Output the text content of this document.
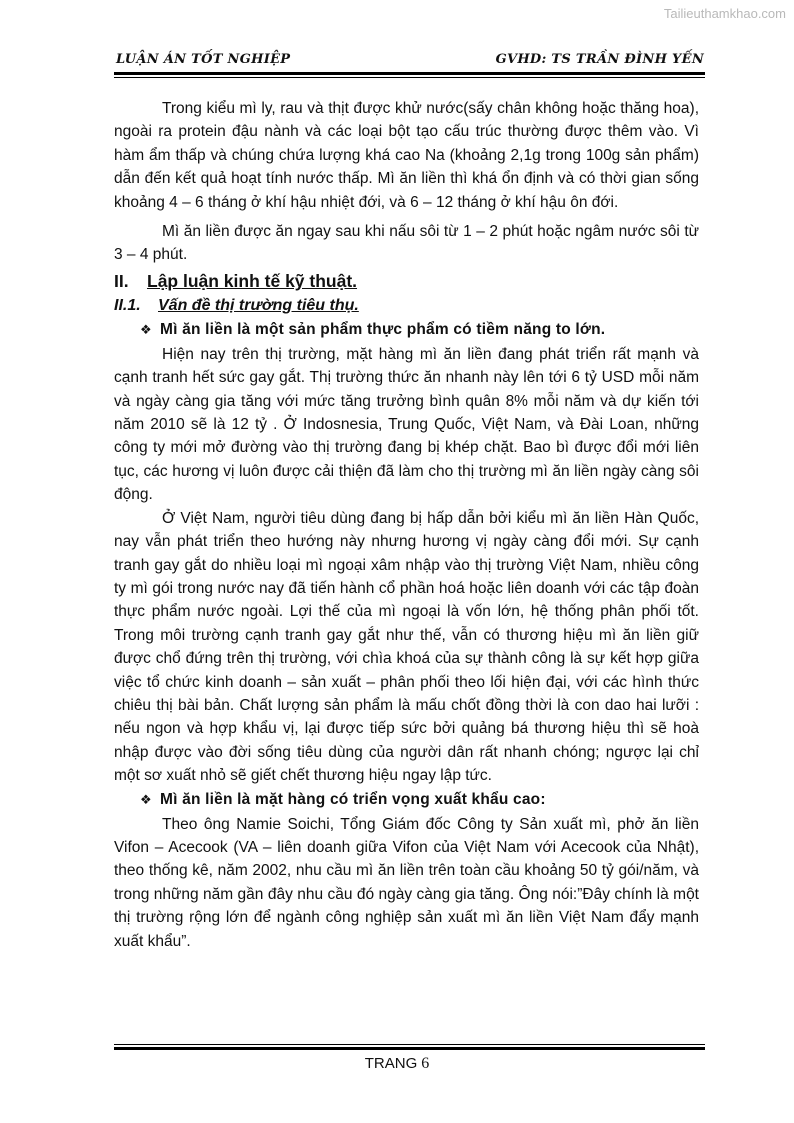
Tailieuthamkhao.com
LUẬN ÁN TỐT NGHIỆP	GVHD: TS TRẦN ĐÌNH YẾN

Trong kiểu mì ly, rau và thịt được khử nước(sấy chân không hoặc thăng hoa), ngoài ra protein đậu nành và các loại bột tạo cấu trúc thường được thêm vào. Vì hàm ẩm thấp và chúng chứa lượng khá cao Na (khoảng 2,1g trong 100g sản phẩm) dẫn đến kết quả hoạt tính nước thấp. Mì ăn liền thì khá ổn định và có thời gian sống khoảng 4 – 6 tháng ở khí hậu nhiệt đới, và 6 – 12 tháng ở khí hậu ôn đới.

Mì ăn liền được ăn ngay sau khi nấu sôi từ 1 – 2 phút hoặc ngâm nước sôi từ 3 – 4 phút.

II. Lập luận kinh tế kỹ thuật.
II.1. Vấn đề thị trường tiêu thụ.
❖ Mì ăn liền là một sản phẩm thực phẩm có tiềm năng to lớn.

Hiện nay trên thị trường, mặt hàng mì ăn liền đang phát triển rất mạnh và cạnh tranh hết sức gay gắt. Thị trường thức ăn nhanh này lên tới 6 tỷ USD mỗi năm và ngày càng gia tăng với mức tăng trưởng bình quân 8% mỗi năm và dự kiến tới năm 2010 sẽ là 12 tỷ . Ở Indosnesia, Trung Quốc, Việt Nam, và Đài Loan, những công ty mới mở đường vào thị trường đang bị khép chặt. Bao bì được đổi mới liên tục, các hương vị luôn được cải thiện đã làm cho thị trường mì ăn liền ngày càng sôi động.

Ở Việt Nam, người tiêu dùng đang bị hấp dẫn bởi kiểu mì ăn liền Hàn Quốc, nay vẫn phát triển theo hướng này nhưng hương vị ngày càng đổi mới. Sự cạnh tranh gay gắt do nhiều loại mì ngoại xâm nhập vào thị trường Việt Nam, nhiều công ty mì gói trong nước nay đã tiến hành cổ phần hoá hoặc liên doanh với các tập đoàn thực phẩm nước ngoài. Lợi thế của mì ngoại là vốn lớn, hệ thống phân phối tốt. Trong môi trường cạnh tranh gay gắt như thế, vẫn có thương hiệu mì ăn liền giữ được chổ đứng trên thị trường, với chìa khoá của sự thành công là sự kết hợp giữa việc tổ chức kinh doanh – sản xuất – phân phối theo lối hiện đại, với các hình thức chiêu thị bài bản. Chất lượng sản phẩm là mấu chốt đồng thời là con dao hai lưỡi : nếu ngon và hợp khẩu vị, lại được tiếp sức bởi quảng bá thương hiệu thì sẽ hoà nhập được vào đời sống tiêu dùng của người dân rất nhanh chóng; ngược lại chỉ một sơ xuất nhỏ sẽ giết chết thương hiệu ngay lập tức.

❖ Mì ăn liền là mặt hàng có triển vọng xuất khẩu cao:

Theo ông Namie Soichi, Tổng Giám đốc Công ty Sản xuất mì, phở ăn liền Vifon – Acecook (VA – liên doanh giữa Vifon của Việt Nam với Acecook của Nhật), theo thống kê, năm 2002, nhu cầu mì ăn liền trên toàn cầu khoảng 50 tỷ gói/năm, và trong những năm gần đây nhu cầu đó ngày càng gia tăng. Ông nói:”Đây chính là một thị trường rộng lớn để ngành công nghiệp sản xuất mì ăn liền Việt Nam đẩy mạnh xuất khẩu”.

TRANG 6
